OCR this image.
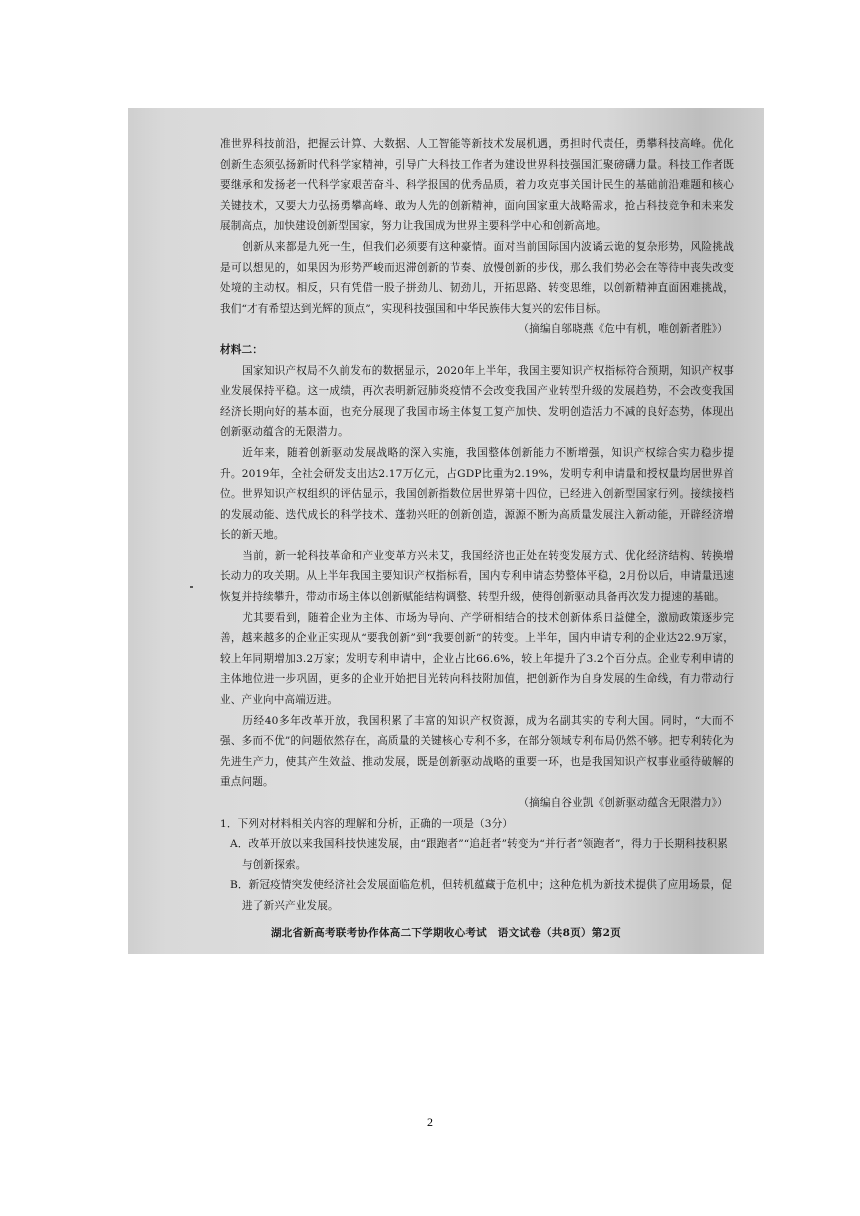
准世界科技前沿，把握云计算、大数据、人工智能等新技术发展机遇，勇担时代责任，勇攀科技高峰。优化创新生态须弘扬新时代科学家精神，引导广大科技工作者为建设世界科技强国汇聚磅礴力量。科技工作者既要继承和发扬老一代科学家艰苦奋斗、科学报国的优秀品质，着力攻克事关国计民生的基础前沿难题和核心关键技术，又要大力弘扬勇攀高峰、敢为人先的创新精神，面向国家重大战略需求，抢占科技竞争和未来发展制高点，加快建设创新型国家，努力让我国成为世界主要科学中心和创新高地。

创新从来都是九死一生，但我们必须要有这种豪情。面对当前国际国内波谲云诡的复杂形势，风险挑战是可以想见的，如果因为形势严峻而迟滞创新的节奏、放慢创新的步伐，那么我们势必会在等待中丧失改变处境的主动权。相反，只有凭借一股子拼劲儿、韧劲儿，开拓思路、转变思维，以创新精神直面困难挑战，我们“才有希望达到光辉的顶点”，实现科技强国和中华民族伟大复兴的宏伟目标。

（摘编自邬晓燕《危中有机，唯创新者胜》）

材料二：

国家知识产权局不久前发布的数据显示，2020年上半年，我国主要知识产权指标符合预期，知识产权事业发展保持平稳。这一成绩，再次表明新冠肺炎疫情不会改变我国产业转型升级的发展趋势，不会改变我国经济长期向好的基本面，也充分展现了我国市场主体复工复产加快、发明创造活力不减的良好态势，体现出创新驱动蕴含的无限潜力。

近年来，随着创新驱动发展战略的深入实施，我国整体创新能力不断增强，知识产权综合实力稳步提升。2019年，全社会研发支出达2.17万亿元，占GDP比重为2.19%，发明专利申请量和授权量均居世界首位。世界知识产权组织的评估显示，我国创新指数位居世界第十四位，已经进入创新型国家行列。接续接档的发展动能、迭代成长的科学技术、蓬勃兴旺的创新创造，源源不断为高质量发展注入新动能，开辟经济增长的新天地。

当前，新一轮科技革命和产业变革方兴未艾，我国经济也正处在转变发展方式、优化经济结构、转换增长动力的攻关期。从上半年我国主要知识产权指标看，国内专利申请态势整体平稳，2月份以后，申请量迅速恢复并持续攀升，带动市场主体以创新赋能结构调整、转型升级，使得创新驱动具备再次发力提速的基础。

尤其要看到，随着企业为主体、市场为导向、产学研相结合的技术创新体系日益健全，激励政策逐步完善，越来越多的企业正实现从“要我创新”到“我要创新”的转变。上半年，国内申请专利的企业达22.9万家，较上年同期增加3.2万家；发明专利申请中，企业占比66.6%，较上年提升了3.2个百分点。企业专利申请的主体地位进一步巩固，更多的企业开始把目光转向科技附加值，把创新作为自身发展的生命线，有力带动行业、产业向中高端迈进。

历经40多年改革开放，我国积累了丰富的知识产权资源，成为名副其实的专利大国。同时，“大而不强、多而不优”的问题依然存在，高质量的关键核心专利不多，在部分领域专利布局仍然不够。把专利转化为先进生产力，使其产生效益、推动发展，既是创新驱动战略的重要一环，也是我国知识产权事业亟待破解的重点问题。

（摘编自谷业凯《创新驱动蕴含无限潜力》）

1．下列对材料相关内容的理解和分析，正确的一项是（3分）

A．改革开放以来我国科技快速发展，由“跟跑者”“追赶者”转变为“并行者”领跑者”，得力于长期科技积累与创新探索。

B．新冠疫情突发使经济社会发展面临危机，但转机蕴藏于危机中；这种危机为新技术提供了应用场景，促进了新兴产业发展。

湖北省新高考联考协作体高二下学期收心考试　语文试卷（共8页）第2页
2
